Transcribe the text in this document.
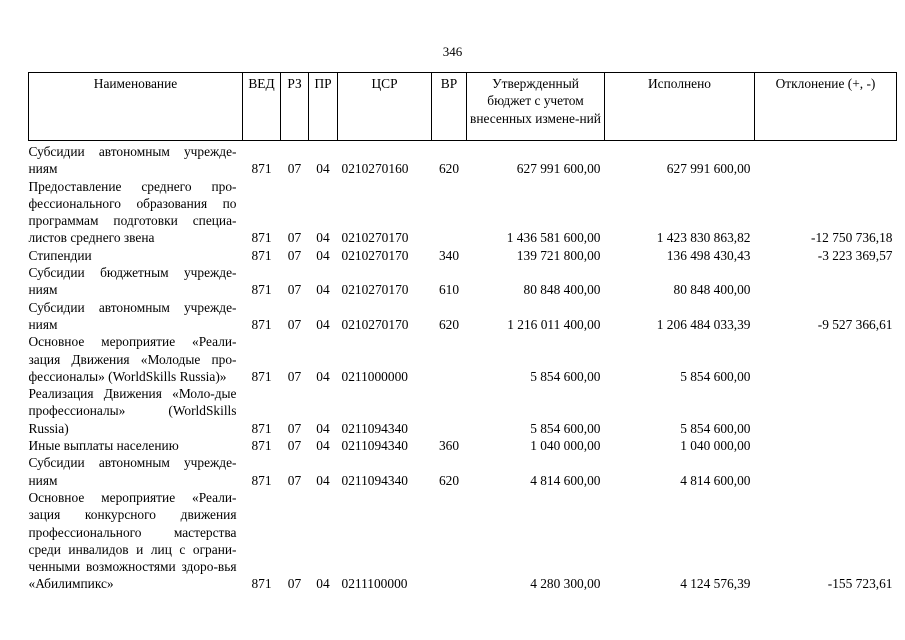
346
Наименование	ВЕД	РЗ	ПР	ЦСР	ВР	Утвержденный бюджет с учетом внесенных измене-ний	Исполнено	Отклонение (+, -)
Субсидии автономным учрежде-ниям	871	07	04	0210270160	620	627 991 600,00	627 991 600,00	
Предоставление среднего про-фессионального образования по программам подготовки специа-листов среднего звена	871	07	04	0210270170		1 436 581 600,00	1 423 830 863,82	-12 750 736,18
Стипендии	871	07	04	0210270170	340	139 721 800,00	136 498 430,43	-3 223 369,57
Субсидии бюджетным учрежде-ниям	871	07	04	0210270170	610	80 848 400,00	80 848 400,00	
Субсидии автономным учрежде-ниям	871	07	04	0210270170	620	1 216 011 400,00	1 206 484 033,39	-9 527 366,61
Основное мероприятие «Реали-зация Движения «Молодые про-фессионалы» (WorldSkills Russia)»	871	07	04	0211000000		5 854 600,00	5 854 600,00	
Реализация Движения «Моло-дые профессионалы» (WorldSkills Russia)	871	07	04	0211094340		5 854 600,00	5 854 600,00	
Иные выплаты населению	871	07	04	0211094340	360	1 040 000,00	1 040 000,00	
Субсидии автономным учрежде-ниям	871	07	04	0211094340	620	4 814 600,00	4 814 600,00	
Основное мероприятие «Реали-зация конкурсного движения профессионального мастерства среди инвалидов и лиц с ограни-ченными возможностями здоро-вья «Абилимпикс»	871	07	04	0211100000		4 280 300,00	4 124 576,39	-155 723,61
